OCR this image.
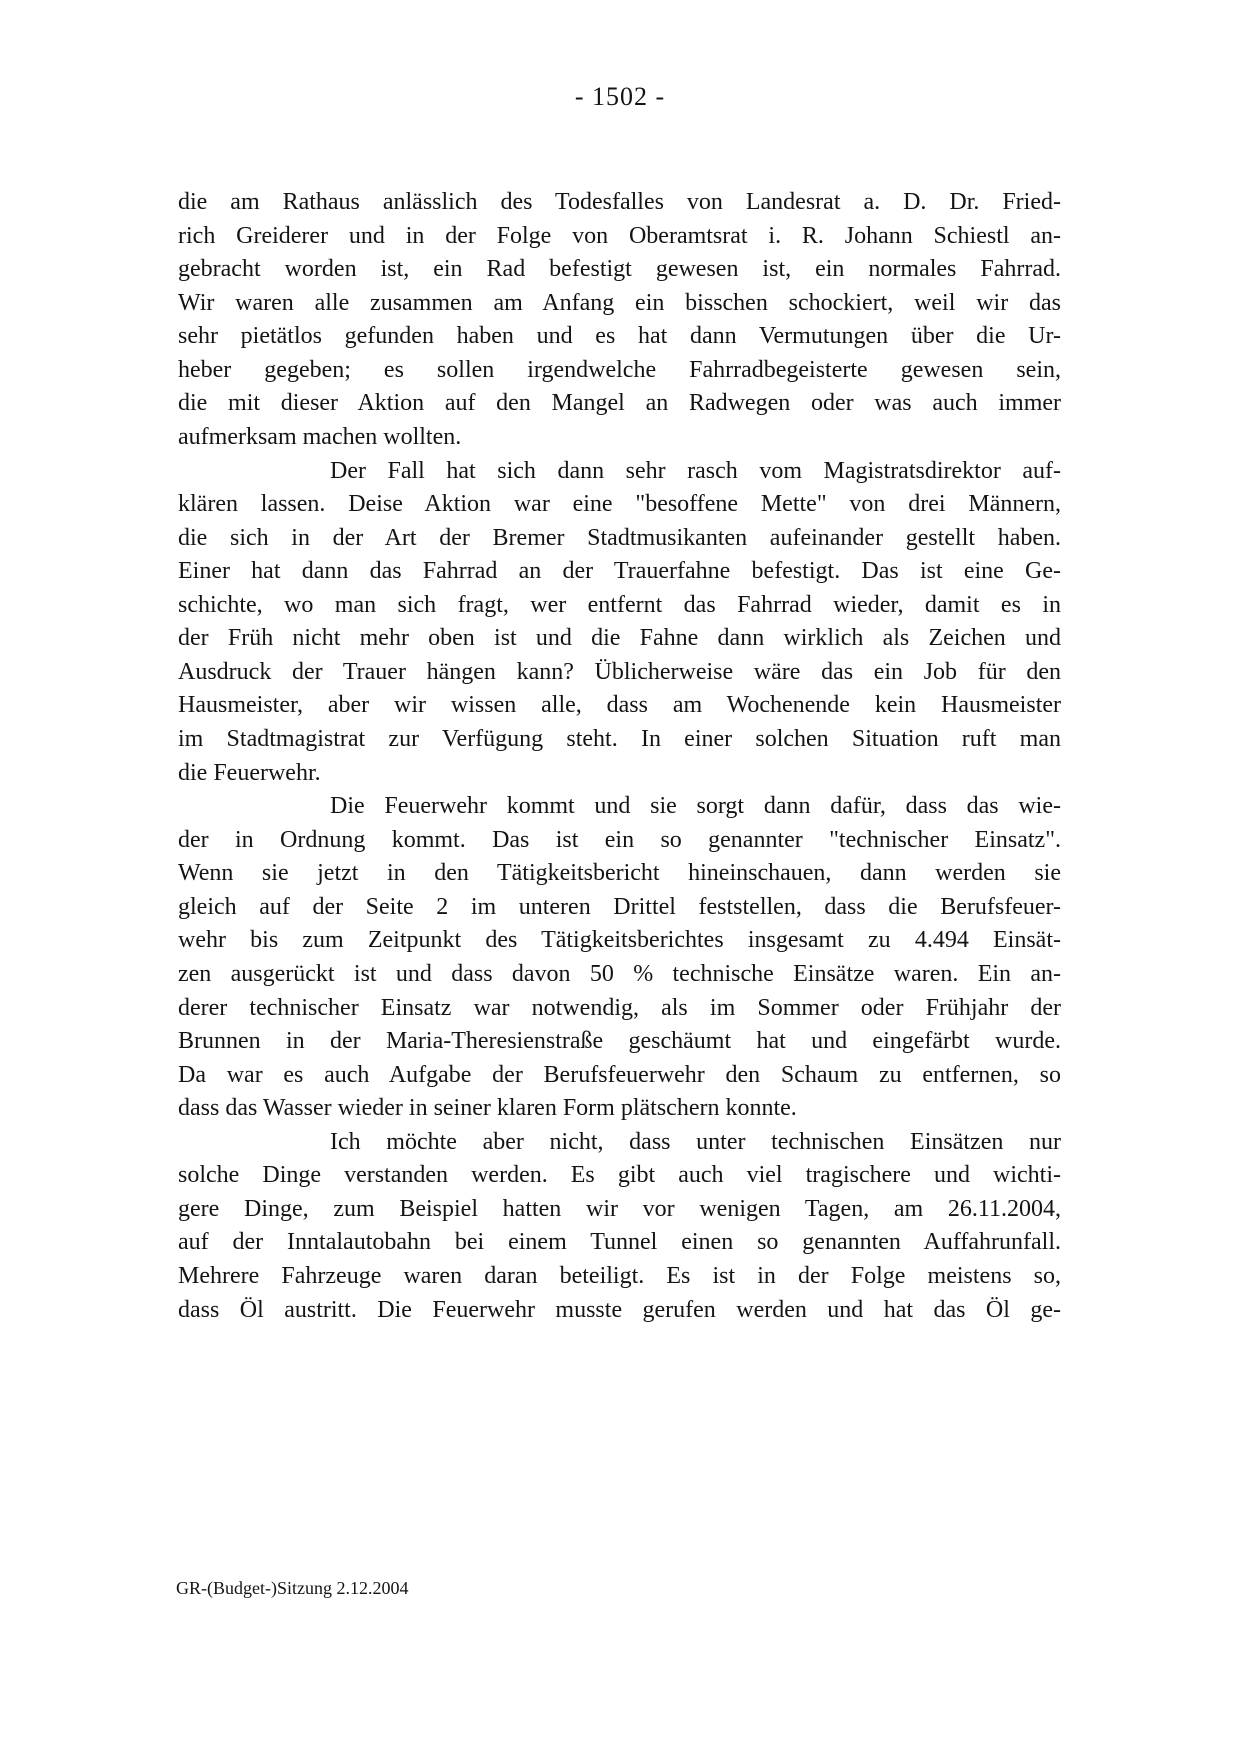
- 1502 -
die am Rathaus anlässlich des Todesfalles von Landesrat a. D. Dr. Fried-
rich Greiderer und in der Folge von Oberamtsrat i. R. Johann Schiestl an-
gebracht worden ist, ein Rad befestigt gewesen ist, ein normales Fahrrad.
Wir waren alle zusammen am Anfang ein bisschen schockiert, weil wir das
sehr pietätlos gefunden haben und es hat dann Vermutungen über die Ur-
heber gegeben; es sollen irgendwelche Fahrradbegeisterte gewesen sein,
die mit dieser Aktion auf den Mangel an Radwegen oder was auch immer
aufmerksam machen wollten.
Der Fall hat sich dann sehr rasch vom Magistratsdirektor auf-
klären lassen. Deise Aktion war eine "besoffene Mette" von drei Männern,
die sich in der Art der Bremer Stadtmusikanten aufeinander gestellt haben.
Einer hat dann das Fahrrad an der Trauerfahne befestigt. Das ist eine Ge-
schichte, wo man sich fragt, wer entfernt das Fahrrad wieder, damit es in
der Früh nicht mehr oben ist und die Fahne dann wirklich als Zeichen und
Ausdruck der Trauer hängen kann? Üblicherweise wäre das ein Job für den
Hausmeister, aber wir wissen alle, dass am Wochenende kein Hausmeister
im Stadtmagistrat zur Verfügung steht. In einer solchen Situation ruft man
die Feuerwehr.
Die Feuerwehr kommt und sie sorgt dann dafür, dass das wie-
der in Ordnung kommt. Das ist ein so genannter "technischer Einsatz".
Wenn sie jetzt in den Tätigkeitsbericht hineinschauen, dann werden sie
gleich auf der Seite 2 im unteren Drittel feststellen, dass die Berufsfeuer-
wehr bis zum Zeitpunkt des Tätigkeitsberichtes insgesamt zu 4.494 Einsät-
zen ausgerückt ist und dass davon 50 % technische Einsätze waren. Ein an-
derer technischer Einsatz war notwendig, als im Sommer oder Frühjahr der
Brunnen in der Maria-Theresienstraße geschäumt hat und eingefärbt wurde.
Da war es auch Aufgabe der Berufsfeuerwehr den Schaum zu entfernen, so
dass das Wasser wieder in seiner klaren Form plätschern konnte.
Ich möchte aber nicht, dass unter technischen Einsätzen nur
solche Dinge verstanden werden. Es gibt auch viel tragischere und wichti-
gere Dinge, zum Beispiel hatten wir vor wenigen Tagen, am 26.11.2004,
auf der Inntalautobahn bei einem Tunnel einen so genannten Auffahrunfall.
Mehrere Fahrzeuge waren daran beteiligt. Es ist in der Folge meistens so,
dass Öl austritt. Die Feuerwehr musste gerufen werden und hat das Öl ge-
GR-(Budget-)Sitzung 2.12.2004
